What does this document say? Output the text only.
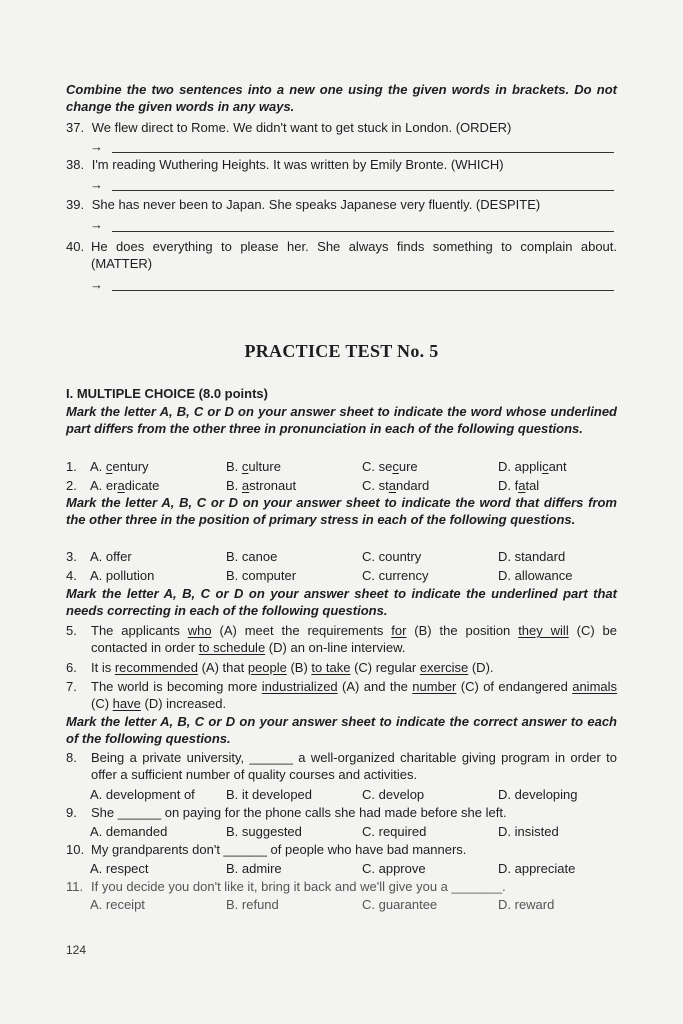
Combine the two sentences into a new one using the given words in brackets. Do not change the given words in any ways.
37. We flew direct to Rome. We didn't want to get stuck in London. (ORDER)
→
38. I'm reading Wuthering Heights. It was written by Emily Bronte. (WHICH)
→
39. She has never been to Japan. She speaks Japanese very fluently. (DESPITE)
→
40. He does everything to please her. She always finds something to complain about. (MATTER)
→
PRACTICE TEST No. 5
I. MULTIPLE CHOICE (8.0 points)
Mark the letter A, B, C or D on your answer sheet to indicate the word whose underlined part differs from the other three in pronunciation in each of the following questions.
1. A. century	B. culture	C. secure	D. applicant
2. A. eradicate	B. astronaut	C. standard	D. fatal
Mark the letter A, B, C or D on your answer sheet to indicate the word that differs from the other three in the position of primary stress in each of the following questions.
3. A. offer	B. canoe	C. country	D. standard
4. A. pollution	B. computer	C. currency	D. allowance
Mark the letter A, B, C or D on your answer sheet to indicate the underlined part that needs correcting in each of the following questions.
5.	The applicants who (A) meet the requirements for (B) the position they will (C) be contacted in order to schedule (D) an on-line interview.
6.	It is recommended (A) that people (B) to take (C) regular exercise (D).
7.	The world is becoming more industrialized (A) and the number (C) of endangered animals (C) have (D) increased.
Mark the letter A, B, C or D on your answer sheet to indicate the correct answer to each of the following questions.
8.	Being a private university, ______ a well-organized charitable giving program in order to offer a sufficient number of quality courses and activities.
A. development of B. it developed	C. develop	D. developing
9. She ______ on paying for the phone calls she had made before she left.
A. demanded	B. suggested	C. required	D. insisted
10. My grandparents don't ______ of people who have bad manners.
A. respect	B. admire	C. approve	D. appreciate
11. If you decide you don't like it, bring it back and we'll give you a _______.
A. receipt	B. refund	C. guarantee	D. reward
124
